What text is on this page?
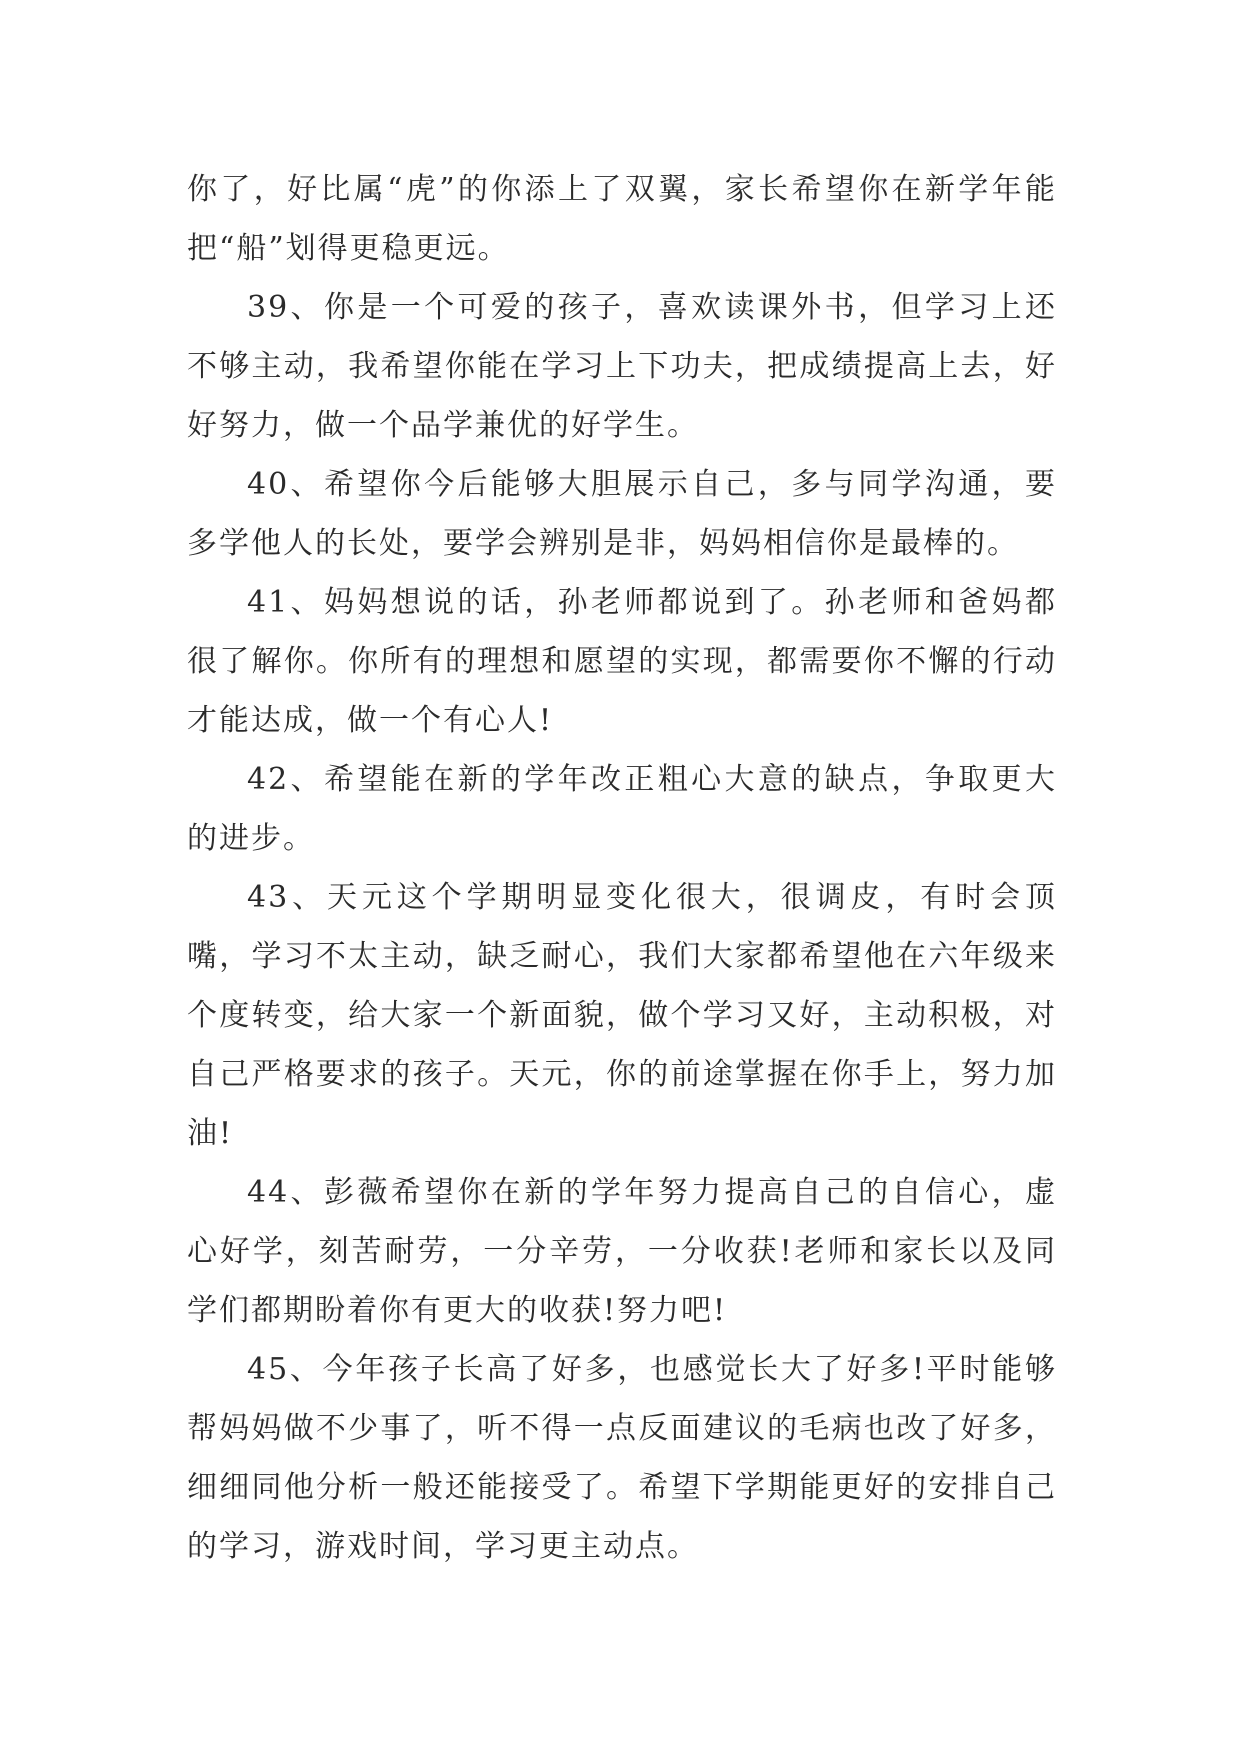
你了，好比属“虎”的你添上了双翼，家长希望你在新学年能把“船”划得更稳更远。

39、你是一个可爱的孩子，喜欢读课外书，但学习上还不够主动，我希望你能在学习上下功夫，把成绩提高上去，好好努力，做一个品学兼优的好学生。

40、希望你今后能够大胆展示自己，多与同学沟通，要多学他人的长处，要学会辨别是非，妈妈相信你是最棒的。

41、妈妈想说的话，孙老师都说到了。孙老师和爸妈都很了解你。你所有的理想和愿望的实现，都需要你不懈的行动才能达成，做一个有心人!

42、希望能在新的学年改正粗心大意的缺点，争取更大的进步。

43、天元这个学期明显变化很大，很调皮，有时会顶嘴，学习不太主动，缺乏耐心，我们大家都希望他在六年级来个度转变，给大家一个新面貌，做个学习又好，主动积极，对自己严格要求的孩子。天元，你的前途掌握在你手上，努力加油!

44、彭薇希望你在新的学年努力提高自己的自信心，虚心好学，刻苦耐劳，一分辛劳，一分收获!老师和家长以及同学们都期盼着你有更大的收获!努力吧!

45、今年孩子长高了好多，也感觉长大了好多!平时能够帮妈妈做不少事了，听不得一点反面建议的毛病也改了好多，细细同他分析一般还能接受了。希望下学期能更好的安排自己的学习，游戏时间，学习更主动点。
